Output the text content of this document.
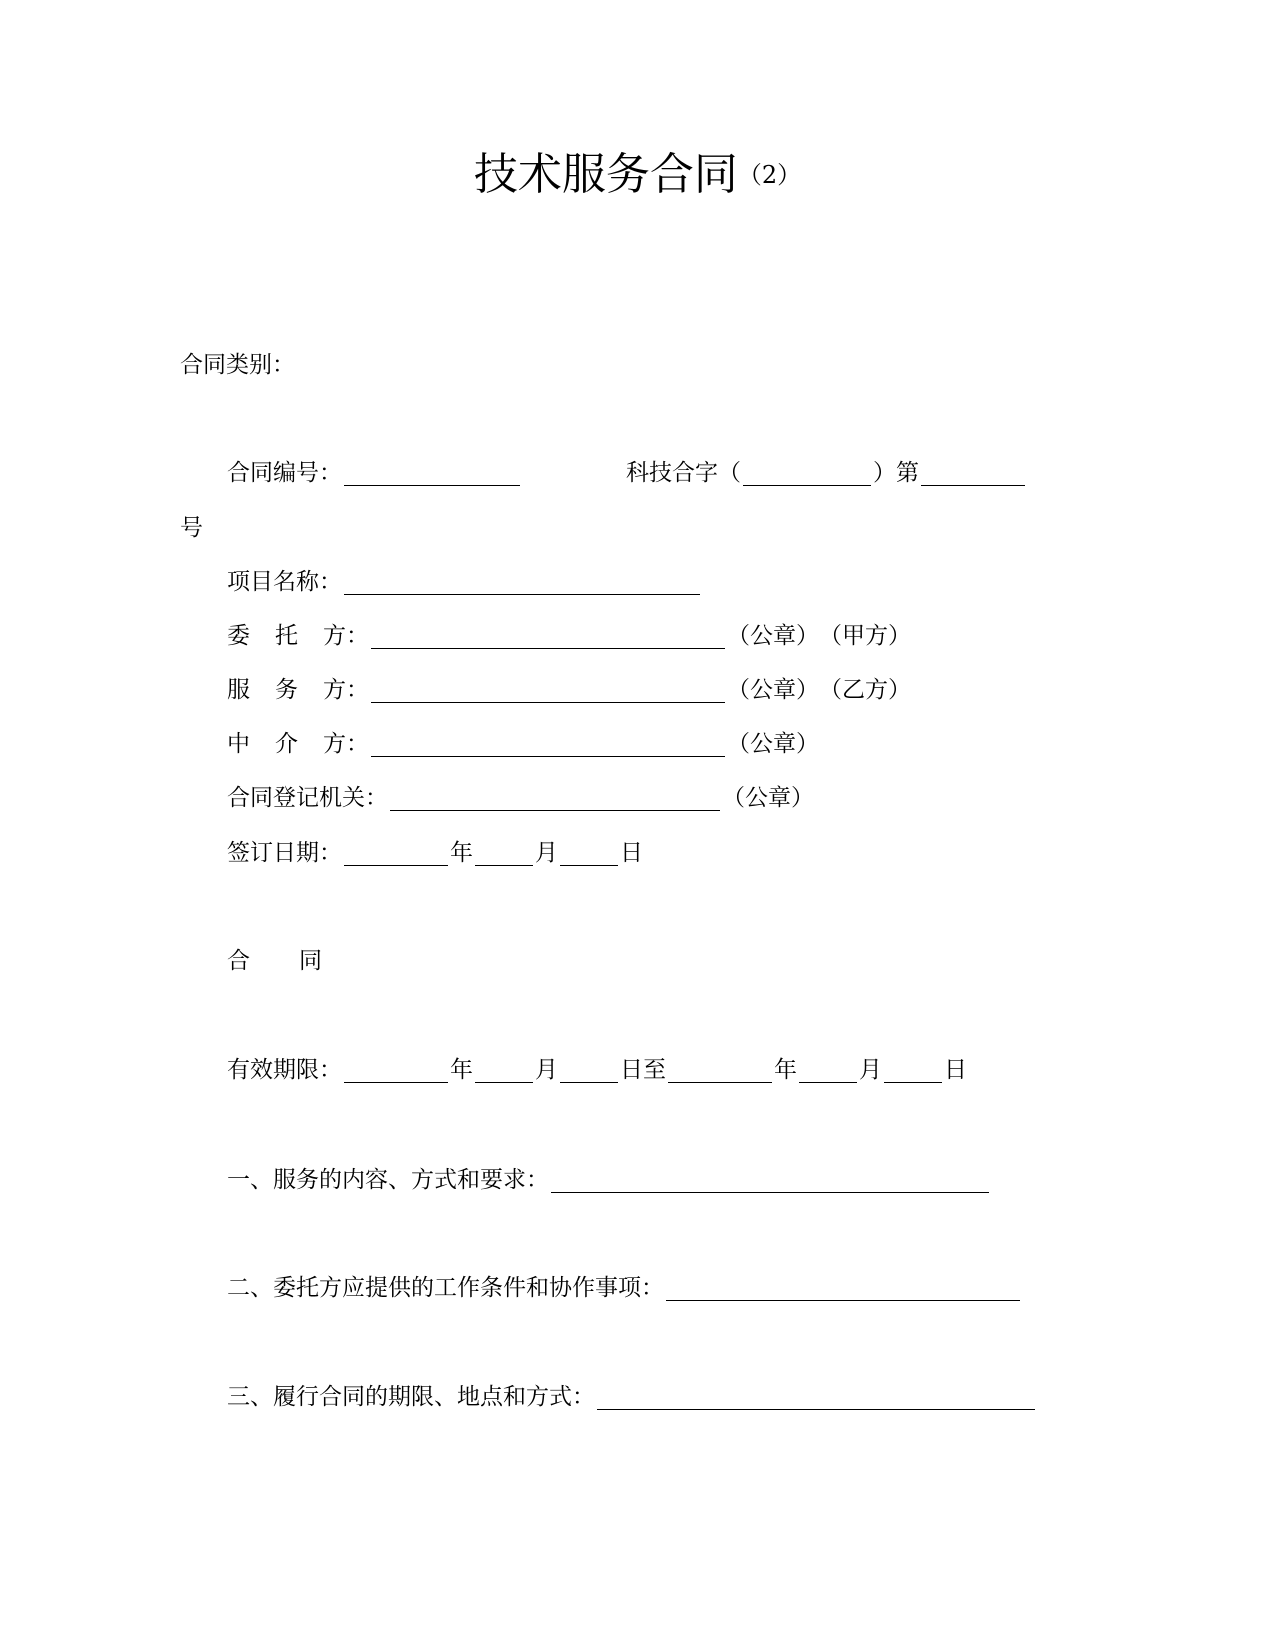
技术服务合同（2）
合同类别：
合同编号：	科技合字（	）第
号
项目名称：
委	托	方 ：	（公章） （甲方）
服	务	方 ：	（公章） （乙方）
中	介	方 ：	（公章）
合同登记机关：	（公章）
签订日期：	年	月	日
合	同
有效期限：	年	月	日至	年	月	日
一、服务的内容、方式和要求：
二、委托方应提供的工作条件和协作事项：
三、履行合同的期限、地点和方式：
